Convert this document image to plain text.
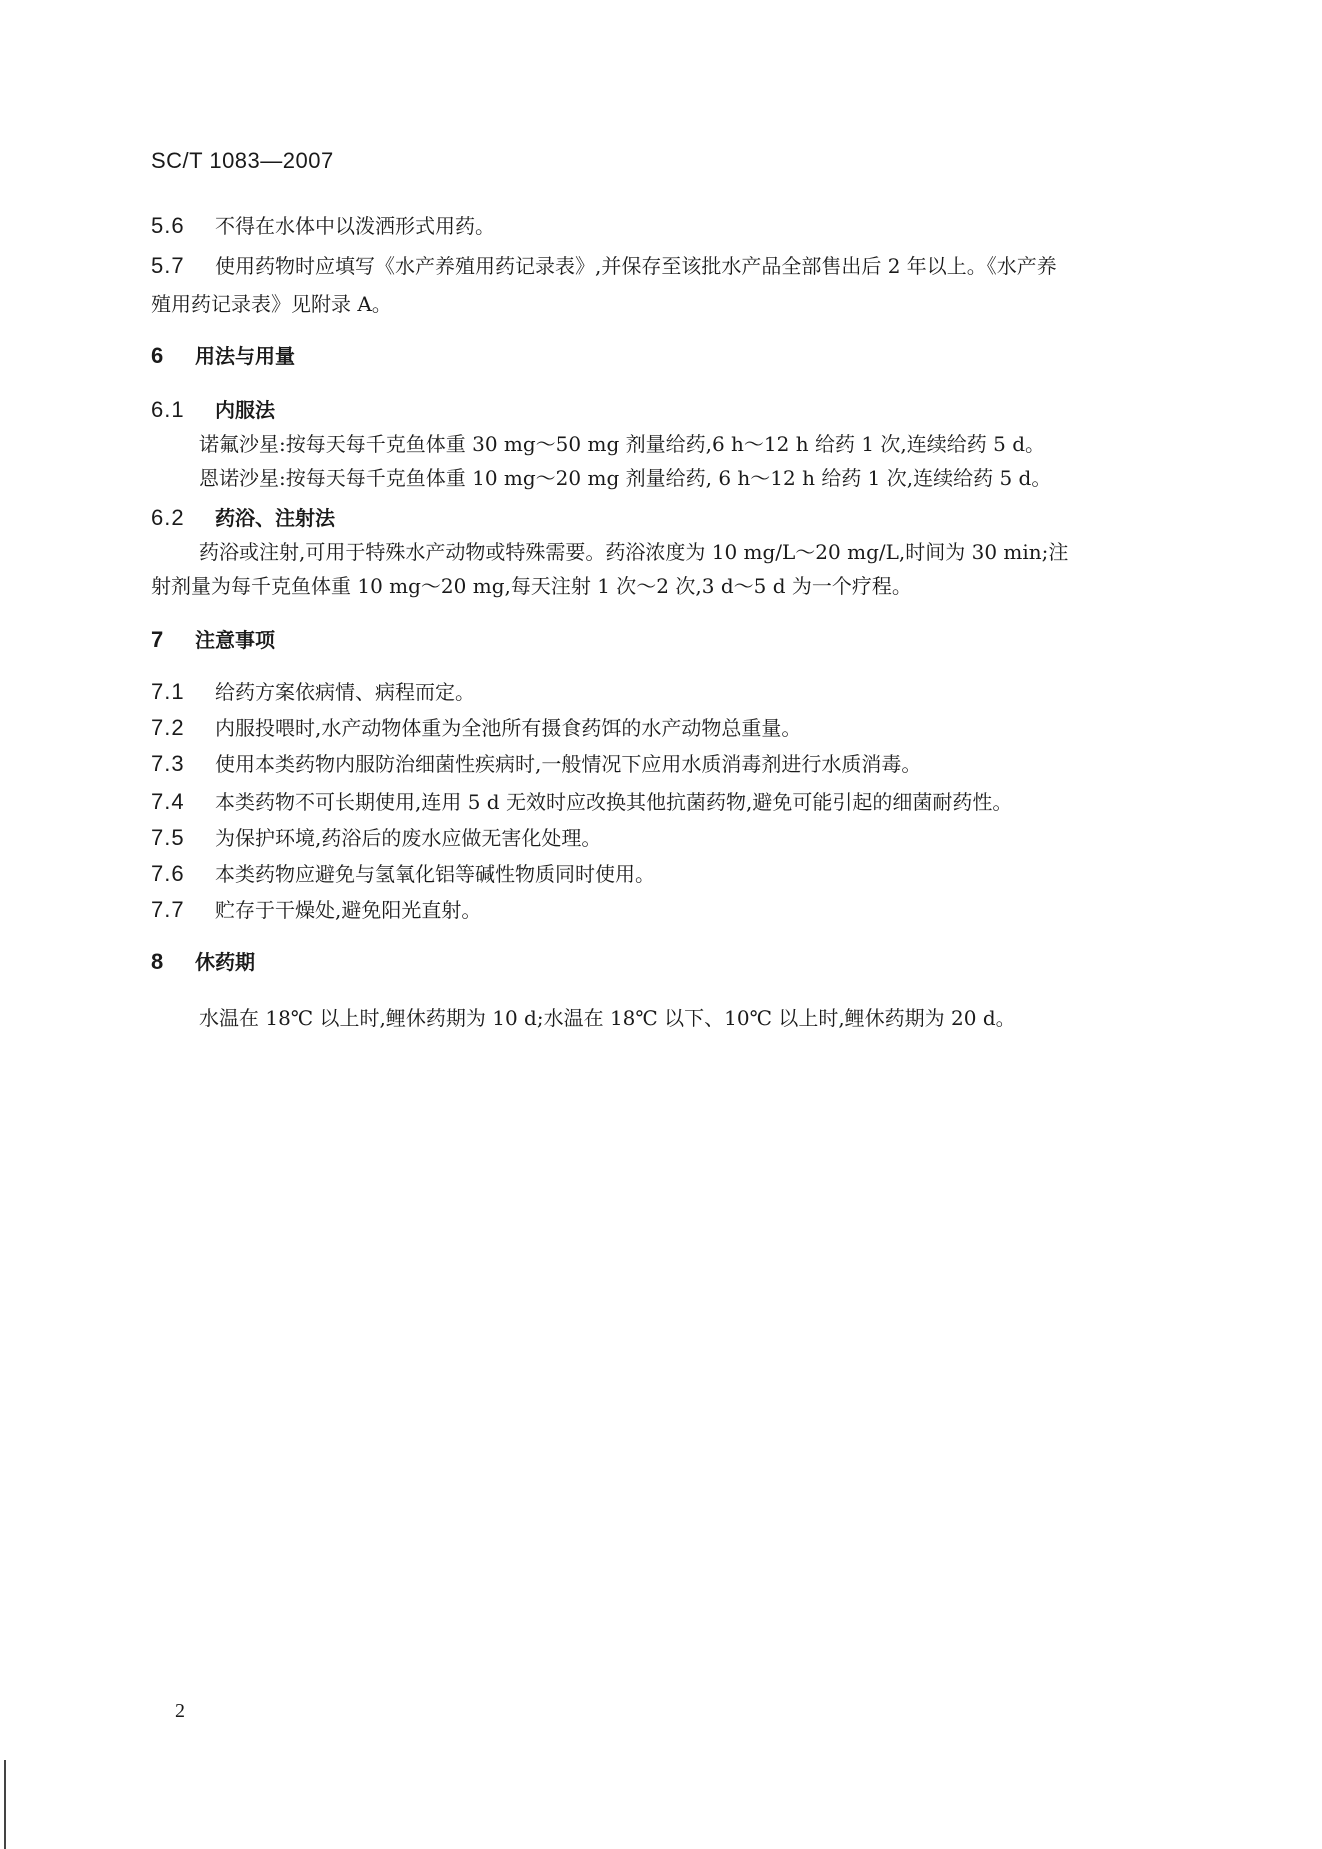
SC/T 1083—2007
5.6 不得在水体中以泼洒形式用药。
5.7 使用药物时应填写《水产养殖用药记录表》,并保存至该批水产品全部售出后 2 年以上。《水产养
殖用药记录表》见附录 A。
6 用法与用量
6.1 内服法
诺氟沙星:按每天每千克鱼体重 30 mg～50 mg 剂量给药,6 h～12 h 给药 1 次,连续给药 5 d。
恩诺沙星:按每天每千克鱼体重 10 mg～20 mg 剂量给药, 6 h～12 h 给药 1 次,连续给药 5 d。
6.2 药浴、注射法
药浴或注射,可用于特殊水产动物或特殊需要。药浴浓度为 10 mg/L～20 mg/L,时间为 30 min;注
射剂量为每千克鱼体重 10 mg～20 mg,每天注射 1 次～2 次,3 d～5 d 为一个疗程。
7 注意事项
7.1 给药方案依病情、病程而定。
7.2 内服投喂时,水产动物体重为全池所有摄食药饵的水产动物总重量。
7.3 使用本类药物内服防治细菌性疾病时,一般情况下应用水质消毒剂进行水质消毒。
7.4 本类药物不可长期使用,连用 5 d 无效时应改换其他抗菌药物,避免可能引起的细菌耐药性。
7.5 为保护环境,药浴后的废水应做无害化处理。
7.6 本类药物应避免与氢氧化铝等碱性物质同时使用。
7.7 贮存于干燥处,避免阳光直射。
8 休药期
水温在 18℃ 以上时,鲤休药期为 10 d;水温在 18℃ 以下、10℃ 以上时,鲤休药期为 20 d。
2
